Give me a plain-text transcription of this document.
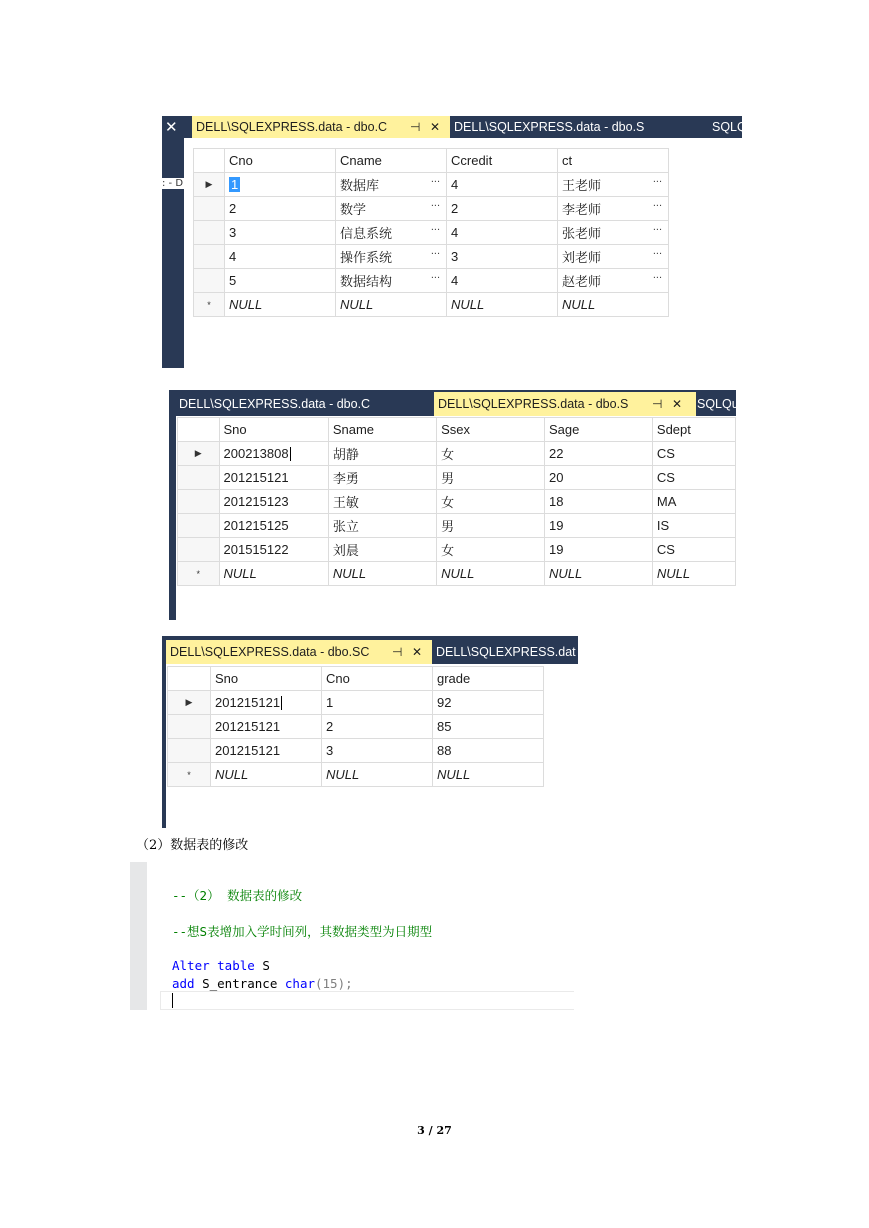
✕
: - D
DELL\SQLEXPRESS.data - dbo.C ⊣ ✕	DELL\SQLEXPRESS.data - dbo.S	SQLQ
	Cno	Cname	Ccredit	ct
▶	1	数据库 ...	4	王老师 ...

	2	数学 ...	2	李老师 ...

	3	信息系统 ...	4	张老师 ...

	4	操作系统 ...	3	刘老师 ...

	5	数据结构 ...	4	赵老师 ...

*	NULL	NULL	NULL	NULL
DELL\SQLEXPRESS.data - dbo.C	DELL\SQLEXPRESS.data - dbo.S ⊣ ✕	SQLQu
	Sno	Sname	Ssex	Sage	Sdept
▶	200213808	胡静	女	22	CS
	201215121	李勇	男	20	CS
	201215123	王敏	女	18	MA
	201215125	张立	男	19	IS
	201515122	刘晨	女	19	CS
*	NULL	NULL	NULL	NULL	NULL
DELL\SQLEXPRESS.data - dbo.SC ⊣ ✕	DELL\SQLEXPRESS.dat
	Sno	Cno	grade
▶	201215121	1	92
	201215121	2	85
	201215121	3	88
*	NULL	NULL	NULL
（2）数据表的修改
--（2） 数据表的修改
--想S表增加入学时间列，其数据类型为日期型
Alter table S
add S_entrance char(15);
3 / 27
